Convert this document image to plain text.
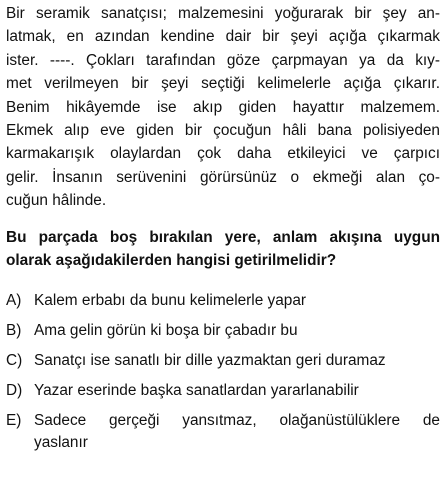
Bir seramik sanatçısı; malzemesini yoğurarak bir şey an-
latmak, en azından kendine dair bir şeyi açığa çıkarmak
ister. ----. Çokları tarafından göze çarpmayan ya da kıy-
met verilmeyen bir şeyi seçtiği kelimelerle açığa çıkarır.
Benim hikâyemde ise akıp giden hayattır malzemem.
Ekmek alıp eve giden bir çocuğun hâli bana polisiyeden
karmakarışık olaylardan çok daha etkileyici ve çarpıcı
gelir. İnsanın serüvenini görürsünüz o ekmeği alan ço-
cuğun hâlinde.

Bu parçada boş bırakılan yere, anlam akışına uygun
olarak aşağıdakilerden hangisi getirilmelidir?

A) Kalem erbabı da bunu kelimelerle yapar
B) Ama gelin görün ki boşa bir çabadır bu
C) Sanatçı ise sanatlı bir dille yazmaktan geri duramaz
D) Yazar eserinde başka sanatlardan yararlanabilir
E) Sadece gerçeği yansıtmaz, olağanüstülüklere de
yaslanır
